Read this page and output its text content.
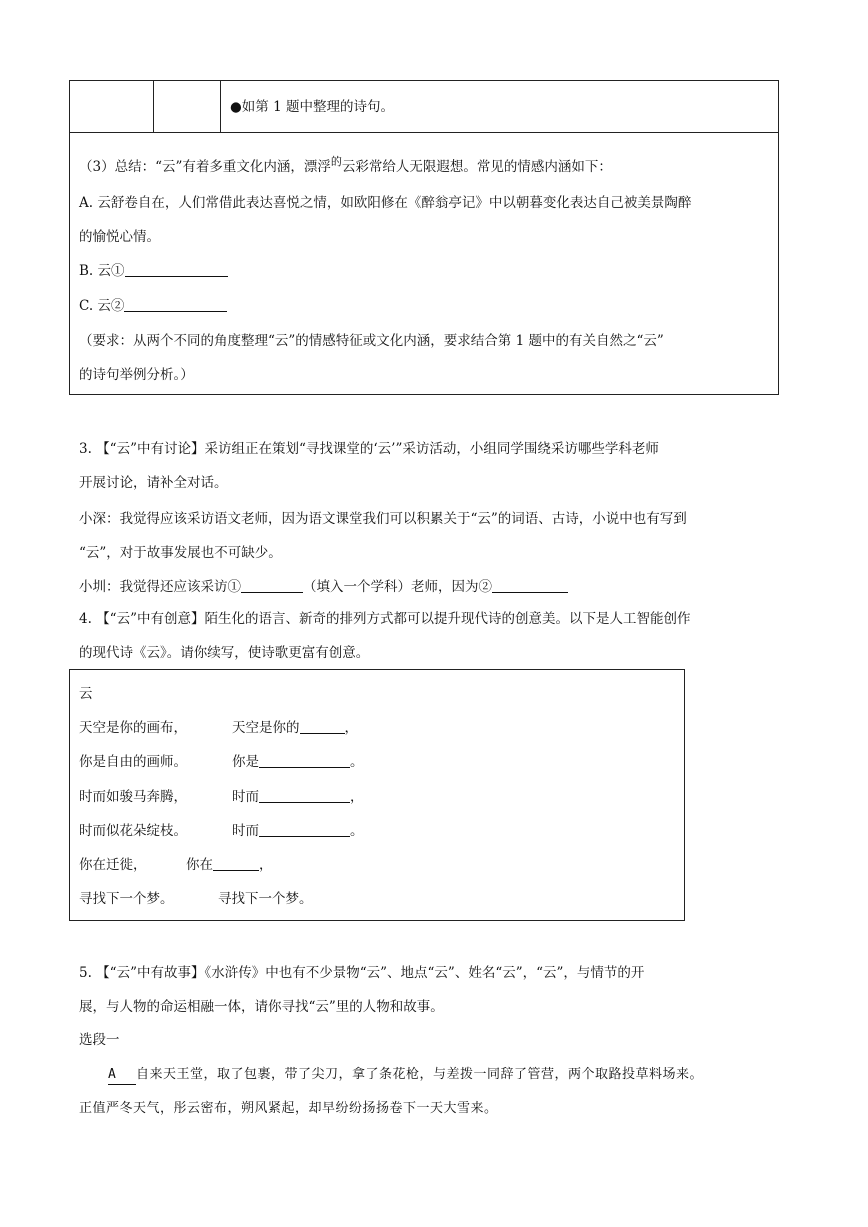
●如第 1 题中整理的诗句。
（3）总结：“云”有着多重文化内涵，漂浮$^的$云彩常给人无限遐想。常见的情感内涵如下：
A. 云舒卷自在，人们常借此表达喜悦之情，如欧阳修在《醉翁亭记》中以朝暮变化表达自己被美景陶醉
的愉悦心情。
B. 云①
C. 云②
（要求：从两个不同的角度整理“云”的情感特征或文化内涵，要求结合第 1 题中的有关自然之“云”
的诗句举例分析。）
3. 【“云”中有讨论】采访组正在策划“寻找课堂的‘云’”采访活动，小组同学围绕采访哪些学科老师
开展讨论，请补全对话。
小深：我觉得应该采访语文老师，因为语文课堂我们可以积累关于“云”的词语、古诗，小说中也有写到
“云”，对于故事发展也不可缺少。
小圳：我觉得还应该采访①	（填入一个学科）老师，因为②
4. 【“云”中有创意】陌生化的语言、新奇的排列方式都可以提升现代诗的创意美。以下是人工智能创作
的现代诗《云》。请你续写，使诗歌更富有创意。
云
天空是你的画布，	天空是你的	，
你是自由的画师。	你是	。
时而如骏马奔腾，	时而	，
时而似花朵绽枝。	时而	。
你在迁徙，	你在	，
寻找下一个梦。	寻找下一个梦。
5. 【“云”中有故事】《水浒传》中也有不少景物“云”、地点“云”、姓名“云”，“云”，与情节的开
展，与人物的命运相融一体，请你寻找“云”里的人物和故事。
选段一
A 自来天王堂，取了包裹，带了尖刀，拿了条花枪，与差拨一同辞了管营，两个取路投草料场来。
正值严冬天气，彤云密布，朔风紧起，却早纷纷扬扬卷下一天大雪来。
